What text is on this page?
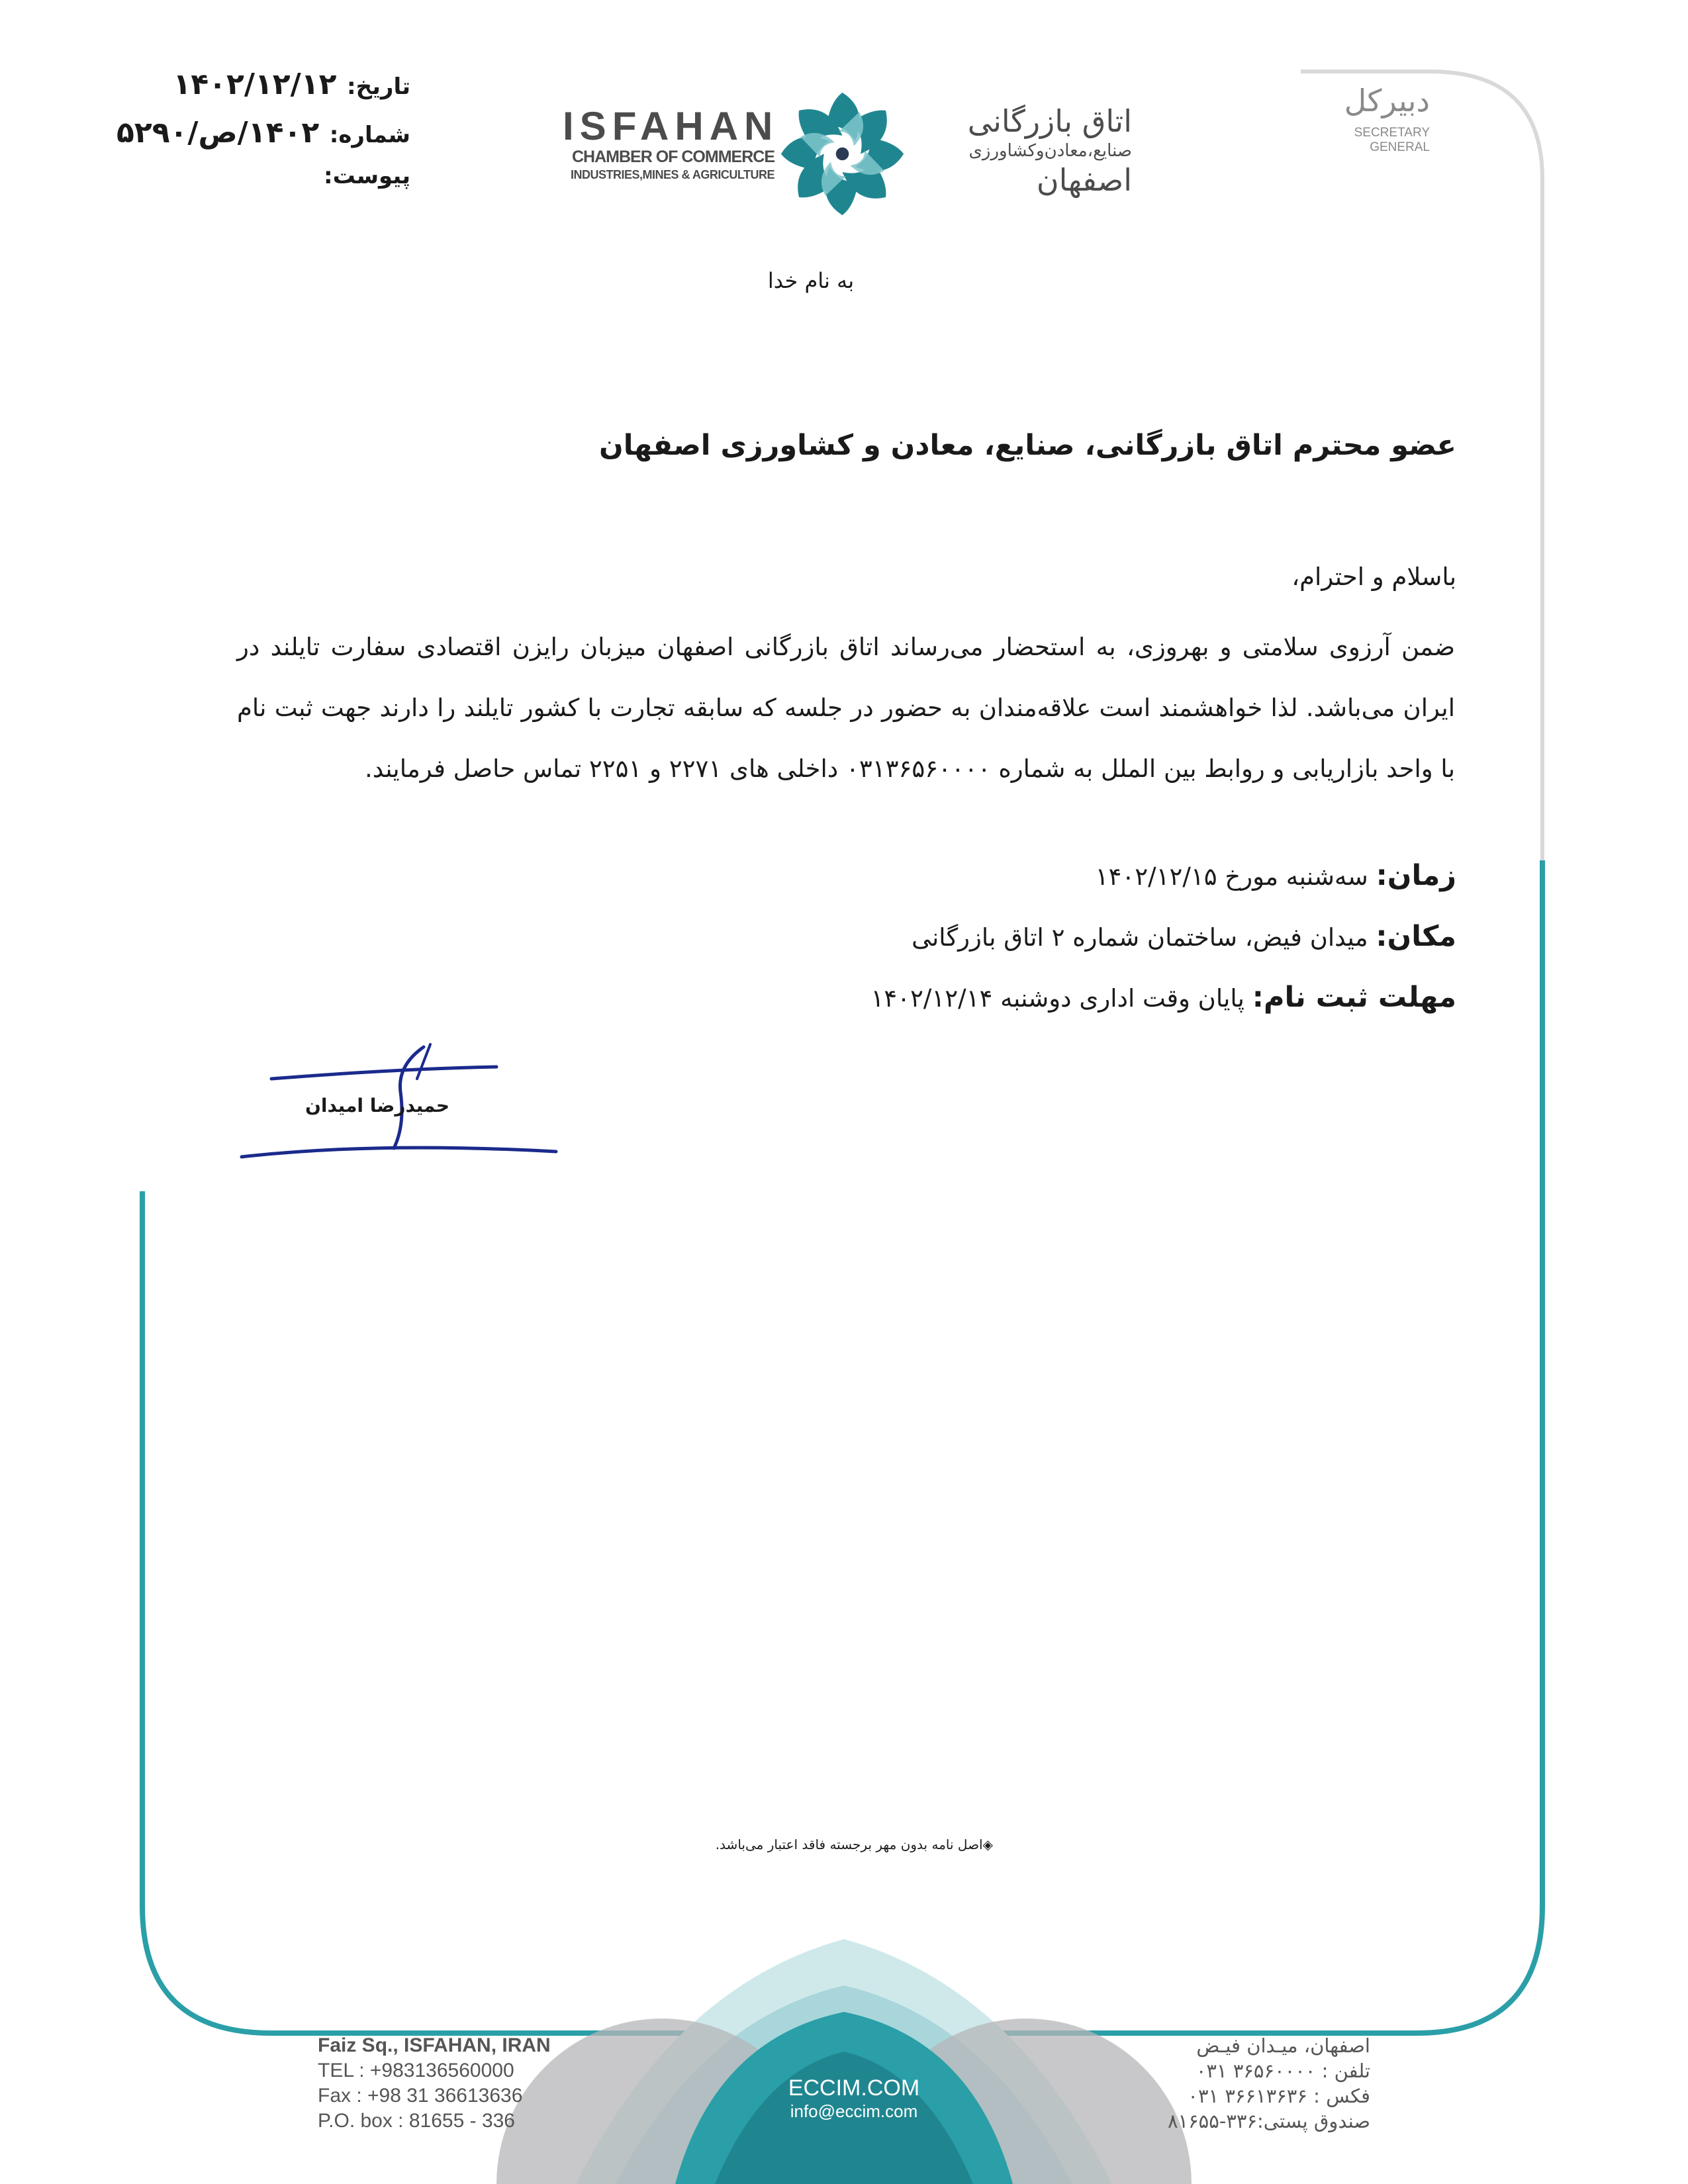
تاریخ: ۱۴۰۲/۱۲/۱۲
شماره: ۱۴۰۲/ص/۵۲۹۰
پیوست:
ISFAHAN
CHAMBER OF COMMERCE
INDUSTRIES,MINES & AGRICULTURE
اتاق بازرگانی
صنایع،معادن‌وکشاورزی
اصفهان
دبیرکل
SECRETARY GENERAL
به نام خدا
عضو محترم اتاق بازرگانی، صنایع، معادن و کشاورزی اصفهان
باسلام و احترام،
ضمن آرزوی سلامتی و بهروزی، به استحضار می‌رساند اتاق بازرگانی اصفهان میزبان رایزن اقتصادی سفارت تایلند در ایران می‌باشد. لذا خواهشمند است علاقه‌مندان به حضور در جلسه که سابقه تجارت با کشور تایلند را دارند جهت ثبت نام با واحد بازاریابی و روابط بین الملل به شماره ۰۳۱۳۶۵۶۰۰۰۰ داخلی های ۲۲۷۱ و ۲۲۵۱ تماس حاصل فرمایند.
زمان: سه‌شنبه مورخ ۱۴۰۲/۱۲/۱۵
مکان: میدان فیض، ساختمان شماره ۲ اتاق بازرگانی
مهلت ثبت نام: پایان وقت اداری دوشنبه ۱۴۰۲/۱۲/۱۴
حمیدرضا امیدان
◈اصل نامه بدون مهر برجسته فاقد اعتبار می‌باشد.
Faiz Sq., ISFAHAN, IRAN
TEL : +983136560000
Fax : +98 31 36613636
P.O. box : 81655 - 336
ECCIM.COM
info@eccim.com
اصفهان، میـدان فیـض
تلفن : ۳۶۵۶۰۰۰۰ ۰۳۱
فکس : ۳۶۶۱۳۶۳۶ ۰۳۱
صندوق پستی:۳۳۶-۸۱۶۵۵
